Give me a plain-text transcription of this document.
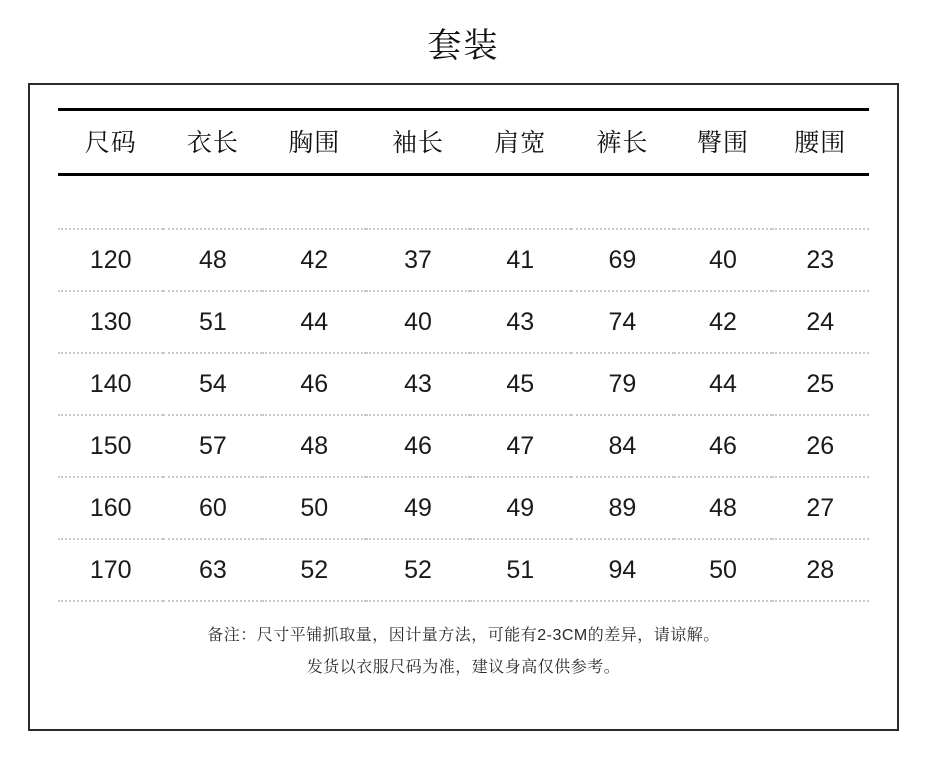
套装
尺码	衣长	胸围	袖长	肩宽	裤长	臀围	腰围

120	48	42	37	41	69	40	23
130	51	44	40	43	74	42	24
140	54	46	43	45	79	44	25
150	57	48	46	47	84	46	26
160	60	50	49	49	89	48	27
170	63	52	52	51	94	50	28
备注：尺寸平铺抓取量，因计量方法，可能有2-3CM的差异，请谅解。
发货以衣服尺码为准，建议身高仅供参考。
